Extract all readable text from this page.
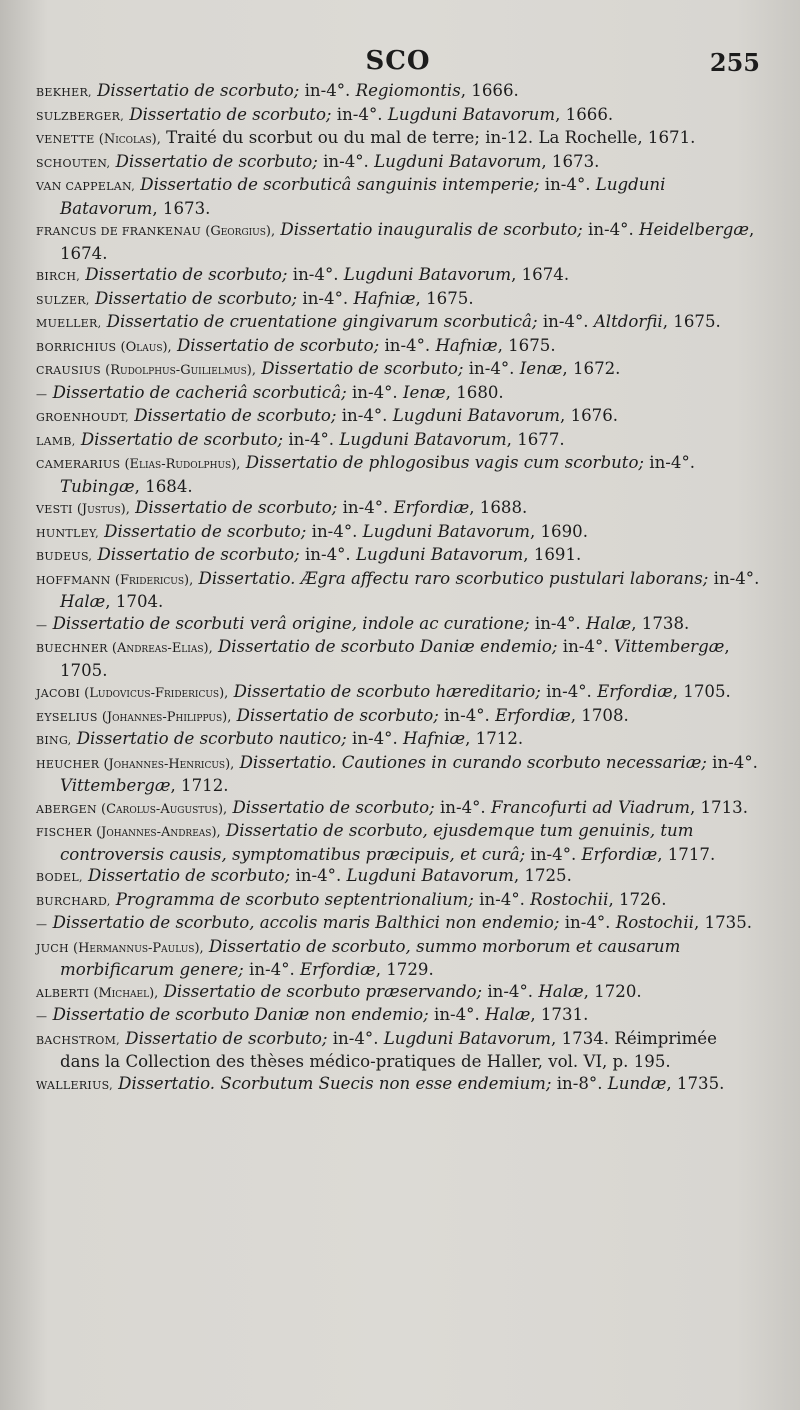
SCO	255

BEKHER, Dissertatio de scorbuto; in-4°. Regiomontis, 1666.

SULZBERGER, Dissertatio de scorbuto; in-4°. Lugduni Batavorum, 1666.

VENETTE (Nicolas), Traité du scorbut ou du mal de terre; in-12. La Rochelle, 1671.

SCHOUTEN, Dissertatio de scorbuto; in-4°. Lugduni Batavorum, 1673.

VAN CAPPELAN, Dissertatio de scorbuticâ sanguinis intemperie; in-4°. Lugduni Batavorum, 1673.

FRANCUS DE FRANKENAU (Georgius), Dissertatio inauguralis de scorbuto; in-4°. Heidelbergæ, 1674.

BIRCH, Dissertatio de scorbuto; in-4°. Lugduni Batavorum, 1674.

SULZER, Dissertatio de scorbuto; in-4°. Hafniæ, 1675.

MUELLER, Dissertatio de cruentatione gingivarum scorbuticâ; in-4°. Altdorfii, 1675.

BORRICHIUS (Olaus), Dissertatio de scorbuto; in-4°. Hafniæ, 1675.

CRAUSIUS (Rudolphus-Guilielmus), Dissertatio de scorbuto; in-4°. Ienæ, 1672.

— Dissertatio de cacheriâ scorbuticâ; in-4°. Ienæ, 1680.

GROENHOUDT, Dissertatio de scorbuto; in-4°. Lugduni Batavorum, 1676.

LAMB, Dissertatio de scorbuto; in-4°. Lugduni Batavorum, 1677.

CAMERARIUS (Elias-Rudolphus), Dissertatio de phlogosibus vagis cum scorbuto; in-4°. Tubingæ, 1684.

VESTI (Justus), Dissertatio de scorbuto; in-4°. Erfordiæ, 1688.

HUNTLEY, Dissertatio de scorbuto; in-4°. Lugduni Batavorum, 1690.

BUDEUS, Dissertatio de scorbuto; in-4°. Lugduni Batavorum, 1691.

HOFFMANN (Fridericus), Dissertatio. Ægra affectu raro scorbutico pustulari laborans; in-4°. Halæ, 1704.

— Dissertatio de scorbuti verâ origine, indole ac curatione; in-4°. Halæ, 1738.

BUECHNER (Andreas-Elias), Dissertatio de scorbuto Daniæ endemio; in-4°. Vittembergæ, 1705.

JACOBI (Ludovicus-Fridericus), Dissertatio de scorbuto hæreditario; in-4°. Erfordiæ, 1705.

EYSELIUS (Johannes-Philippus), Dissertatio de scorbuto; in-4°. Erfordiæ, 1708.

BING, Dissertatio de scorbuto nautico; in-4°. Hafniæ, 1712.

HEUCHER (Johannes-Henricus), Dissertatio. Cautiones in curando scorbuto necessariæ; in-4°. Vittembergæ, 1712.

ABERGEN (Carolus-Augustus), Dissertatio de scorbuto; in-4°. Francofurti ad Viadrum, 1713.

FISCHER (Johannes-Andreas), Dissertatio de scorbuto, ejusdemque tum genuinis, tum controversis causis, symptomatibus præcipuis, et curâ; in-4°. Erfordiæ, 1717.

BODEL, Dissertatio de scorbuto; in-4°. Lugduni Batavorum, 1725.

BURCHARD, Programma de scorbuto septentrionalium; in-4°. Rostochii, 1726.

— Dissertatio de scorbuto, accolis maris Balthici non endemio; in-4°. Rostochii, 1735.

JUCH (Hermannus-Paulus), Dissertatio de scorbuto, summo morborum et causarum morbificarum genere; in-4°. Erfordiæ, 1729.

ALBERTI (Michael), Dissertatio de scorbuto præservando; in-4°. Halæ, 1720.

— Dissertatio de scorbuto Daniæ non endemio; in-4°. Halæ, 1731.

BACHSTROM, Dissertatio de scorbuto; in-4°. Lugduni Batavorum, 1734. Réimprimée dans la Collection des thèses médico-pratiques de Haller, vol. VI, p. 195.

WALLERIUS, Dissertatio. Scorbutum Suecis non esse endemium; in-8°. Lundæ, 1735.
